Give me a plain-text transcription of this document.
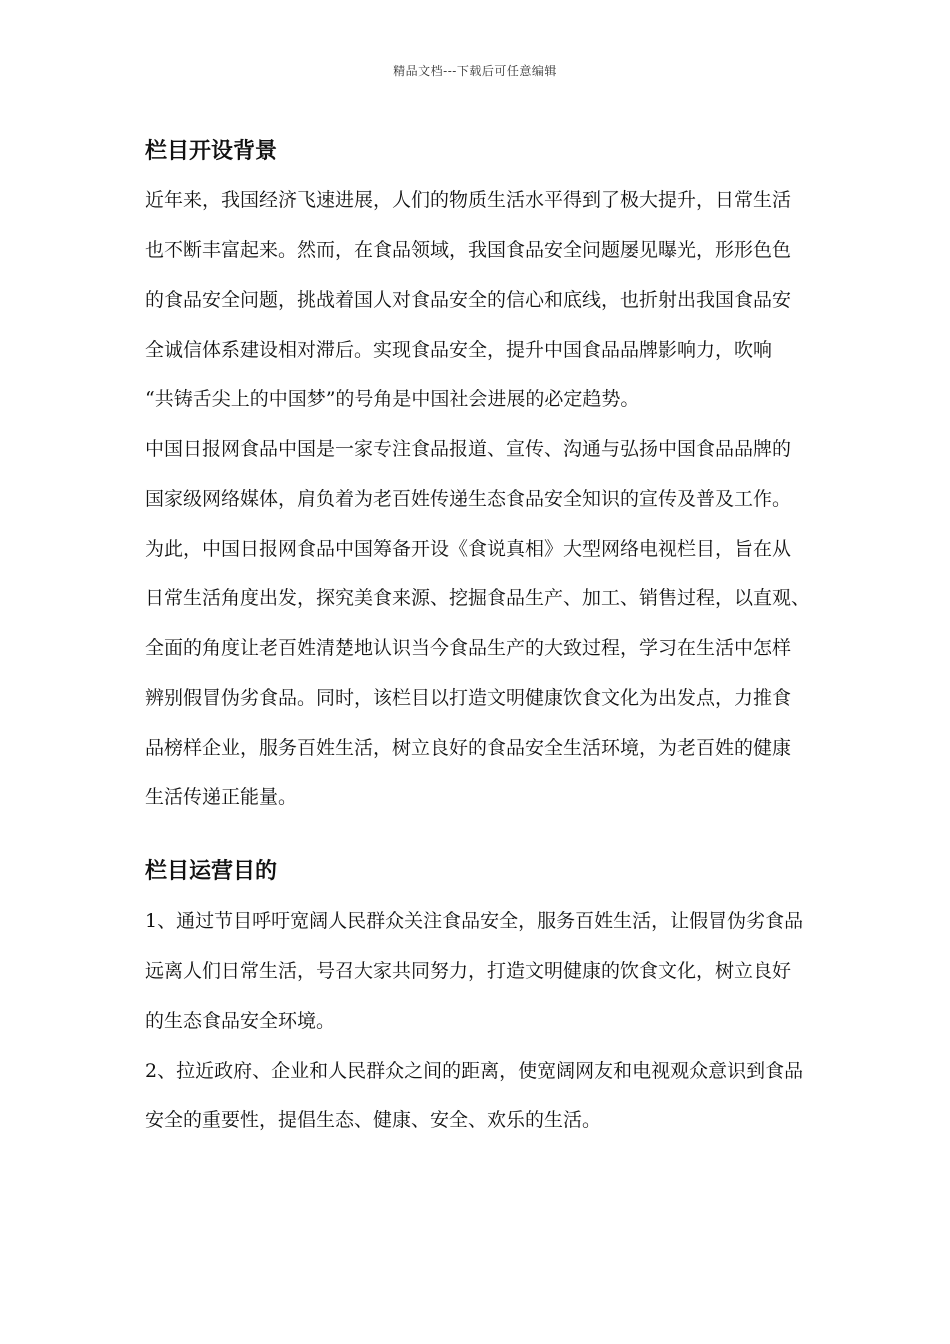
精品文档---下载后可任意编辑
栏目开设背景
近年来，我国经济飞速进展，人们的物质生活水平得到了极大提升，日常生活
也不断丰富起来。然而，在食品领域，我国食品安全问题屡见曝光，形形色色
的食品安全问题，挑战着国人对食品安全的信心和底线，也折射出我国食品安
全诚信体系建设相对滞后。实现食品安全，提升中国食品品牌影响力，吹响
“共铸舌尖上的中国梦”的号角是中国社会进展的必定趋势。
中国日报网食品中国是一家专注食品报道、宣传、沟通与弘扬中国食品品牌的
国家级网络媒体，肩负着为老百姓传递生态食品安全知识的宣传及普及工作。
为此，中国日报网食品中国筹备开设《食说真相》大型网络电视栏目，旨在从
日常生活角度出发，探究美食来源、挖掘食品生产、加工、销售过程，以直观、
全面的角度让老百姓清楚地认识当今食品生产的大致过程，学习在生活中怎样
辨别假冒伪劣食品。同时，该栏目以打造文明健康饮食文化为出发点，力推食
品榜样企业，服务百姓生活，树立良好的食品安全生活环境，为老百姓的健康
生活传递正能量。
栏目运营目的
1、通过节目呼吁宽阔人民群众关注食品安全，服务百姓生活，让假冒伪劣食品
远离人们日常生活，号召大家共同努力，打造文明健康的饮食文化，树立良好
的生态食品安全环境。
2、拉近政府、企业和人民群众之间的距离，使宽阔网友和电视观众意识到食品
安全的重要性，提倡生态、健康、安全、欢乐的生活。
